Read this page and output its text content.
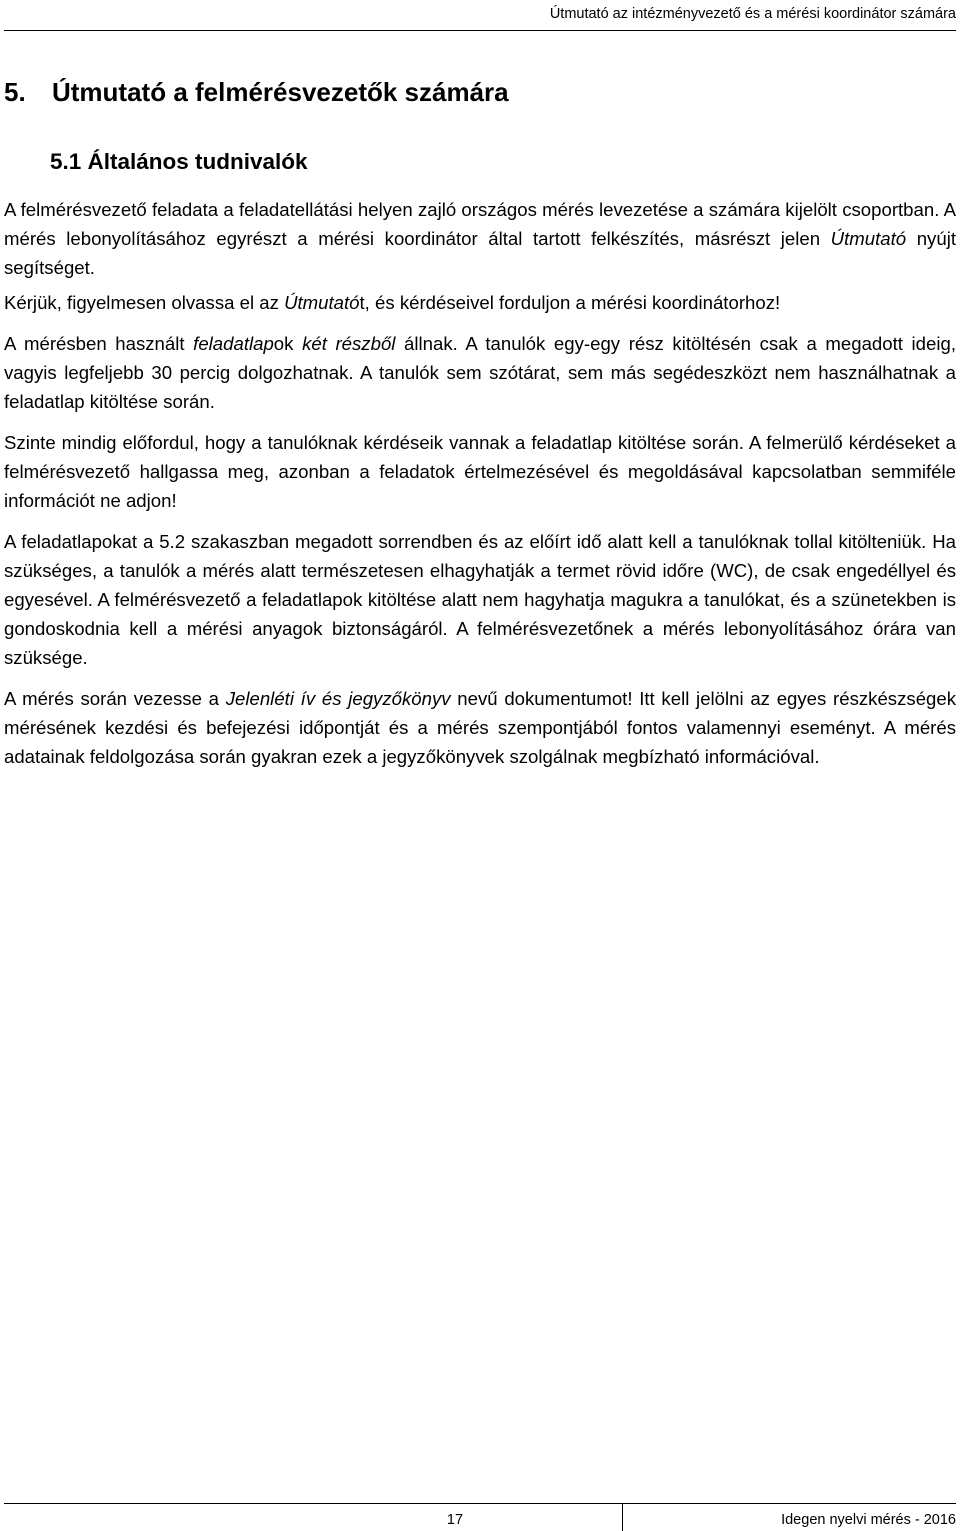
Útmutató az intézményvezető és a mérési koordinátor számára
5. Útmutató a felmérésvezetők számára
5.1 Általános tudnivalók

A felmérésvezető feladata a feladatellátási helyen zajló országos mérés levezetése a számára kijelölt csoportban. A mérés lebonyolításához egyrészt a mérési koordinátor által tartott felkészítés, másrészt jelen Útmutató nyújt segítséget.

Kérjük, figyelmesen olvassa el az Útmutatót, és kérdéseivel forduljon a mérési koordinátorhoz!

A mérésben használt feladatlapok két részből állnak. A tanulók egy-egy rész kitöltésén csak a megadott ideig, vagyis legfeljebb 30 percig dolgozhatnak. A tanulók sem szótárat, sem más segédeszközt nem használhatnak a feladatlap kitöltése során.

Szinte mindig előfordul, hogy a tanulóknak kérdéseik vannak a feladatlap kitöltése során. A felmerülő kérdéseket a felmérésvezető hallgassa meg, azonban a feladatok értelmezésével és megoldásával kapcsolatban semmiféle információt ne adjon!

A feladatlapokat a 5.2 szakaszban megadott sorrendben és az előírt idő alatt kell a tanulóknak tollal kitölteniük. Ha szükséges, a tanulók a mérés alatt természetesen elhagyhatják a termet rövid időre (WC), de csak engedéllyel és egyesével. A felmérésvezető a feladatlapok kitöltése alatt nem hagyhatja magukra a tanulókat, és a szünetekben is gondoskodnia kell a mérési anyagok biztonságáról. A felmérésvezetőnek a mérés lebonyolításához órára van szüksége.

A mérés során vezesse a Jelenléti ív és jegyzőkönyv nevű dokumentumot! Itt kell jelölni az egyes részkészségek mérésének kezdési és befejezési időpontját és a mérés szempontjából fontos valamennyi eseményt. A mérés adatainak feldolgozása során gyakran ezek a jegyzőkönyvek szolgálnak megbízható információval.

17	Idegen nyelvi mérés - 2016
